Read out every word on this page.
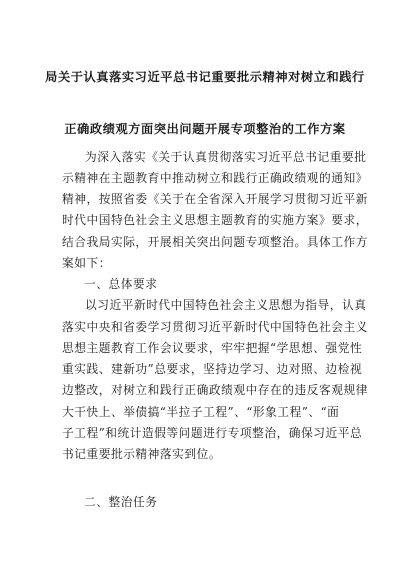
局关于认真落实习近平总书记重要批示精神对树立和践行
正确政绩观方面突出问题开展专项整治的工作方案
为深入落实《关于认真贯彻落实习近平总书记重要批
示精神在主题教育中推动树立和践行正确政绩观的通知》
精神，按照省委《关于在全省深入开展学习贯彻习近平新
时代中国特色社会主义思想主题教育的实施方案》要求，
结合我局实际，开展相关突出问题专项整治。具体工作方
案如下：
一、总体要求
以习近平新时代中国特色社会主义思想为指导，认真
落实中央和省委学习贯彻习近平新时代中国特色社会主义
思想主题教育工作会议要求，牢牢把握“学思想、强党性
重实践、建新功”总要求，坚持边学习、边对照、边检视
边整改，对树立和践行正确政绩观中存在的违反客观规律
大干快上、举债搞“半拉子工程”、“形象工程”、“面
子工程”和统计造假等问题进行专项整治，确保习近平总
书记重要批示精神落实到位。
二、整治任务
